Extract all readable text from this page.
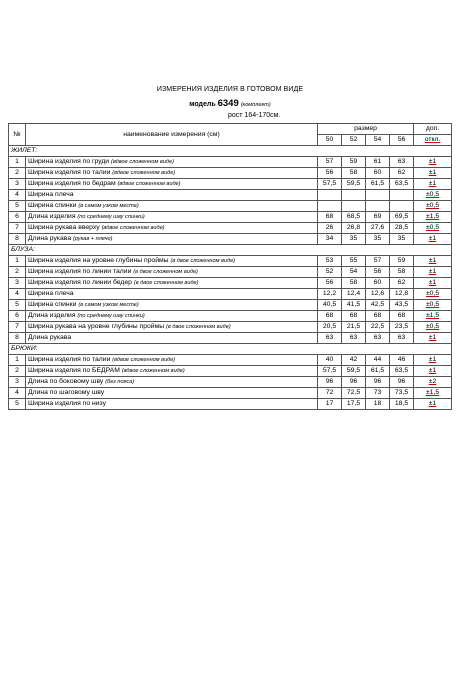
ИЗМЕРЕНИЯ ИЗДЕЛИЯ В ГОТОВОМ ВИДЕ
модель 6349 (комплект)
рост 164-170см.
№	наименование измерения (см)	размер				доп.
		50	52	54	56	откл.
ЖИЛЕТ:						
1	Ширина изделия по груди (вдвое сложенном виде)	57	59	61	63	±1
2	Ширина изделия по талии (вдвое сложенном виде)	56	58	60	62	±1
3	Ширина изделия по бедрам (вдвое сложенном виде)	57,5	59,5	61,5	63,5	±1
4	Ширина плеча					±0,5
5	Ширина спинки (в самом узком месте)					±0,5
6	Длина изделия (по среднему шву спинки)	68	68,5	69	69,5	±1,5
7	Ширина рукава вверху (вдвое сложенном виде)	26	26,8	27,6	28,5	±0,5
8	Длина рукава (рукав + плечо)	34	35	35	35	±1
БЛУЗА:						
1	Ширина изделия на уровне глубины проймы (в двое сложенном виде)	53	55	57	59	±1
2	Ширина изделия по линии талии (в двое сложенном виде)	52	54	56	58	±1
3	Ширина изделия по линии бедер (в двое сложенном виде)	56	58	60	62	±1
4	Ширина плеча	12,2	12,4	12,6	12,8	±0,5
5	Ширина спинки (в самом узком месте)	40,5	41,5	42,5	43,5	±0,5
6	Длина изделия (по среднему шву спинки)	68	68	68	68	±1,5
7	Ширина рукава на уровне глубины проймы (в двое сложенном виде)	20,5	21,5	22,5	23,5	±0,5
8	Длина рукава	63	63	63	63	±1
БРЮКИ:						
1	Ширина изделия по талии (вдвое сложенном виде)	40	42	44	46	±1
2	Ширина изделия по БЕДРАМ (вдвое сложенном виде)	57,5	59,5	61,5	63,5	±1
3	Длина по боковому шву (без пояса)	96	96	96	96	±2
4	Длина по шаговому шву	72	72,5	73	73,5	±1,5
5	Ширина изделия по низу	17	17,5	18	18,5	±1
